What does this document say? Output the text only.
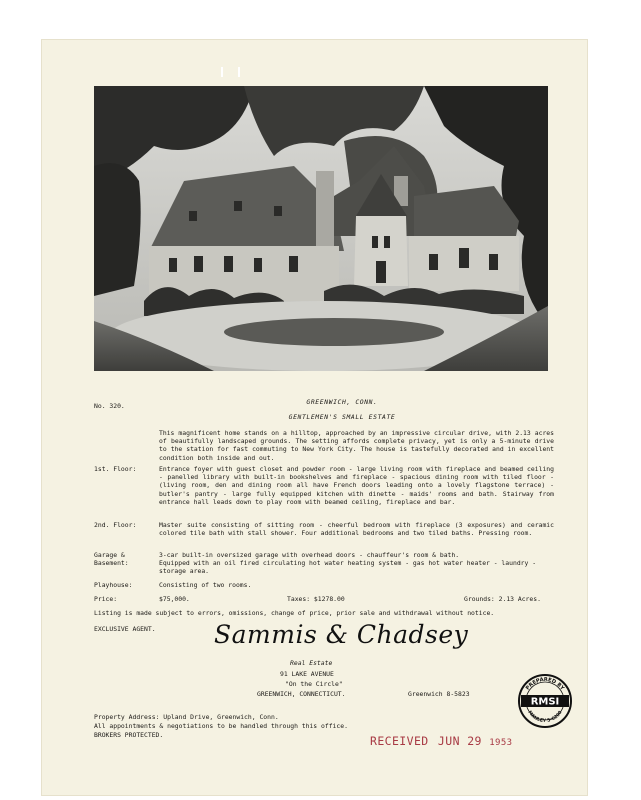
No. 320.	GREENWICH, CONN.
GENTLEMEN'S SMALL ESTATE
This magnificent home stands on a hilltop, approached by an impressive circular drive, with 2.13 acres of beautifully landscaped grounds. The setting affords complete privacy, yet is only a 5-minute drive to the station for fast commuting to New York City. The house is tastefully decorated and in excellent condition both inside and out.
1st. Floor:	Entrance foyer with guest closet and powder room - large living room with fireplace and beamed ceiling - panelled library with built-in bookshelves and fireplace - spacious dining room with tiled floor - (living room, den and dining room all have French doors leading onto a lovely flagstone terrace) - butler's pantry - large fully equipped kitchen with dinette - maids' rooms and bath. Stairway from entrance hall leads down to play room with beamed ceiling, fireplace and bar.
2nd. Floor:	Master suite consisting of sitting room - cheerful bedroom with fireplace (3 exposures) and ceramic colored tile bath with stall shower. Four additional bedrooms and two tiled baths. Pressing room.
Garage &
Basement:
3-car built-in oversized garage with overhead doors - chauffeur's room & bath.
Equipped with an oil fired circulating hot water heating system - gas hot water heater - laundry - storage area.
Playhouse:	Consisting of two rooms.
Price:	$75,000.	Taxes: $1278.00	Grounds: 2.13 Acres.
Listing is made subject to errors, omissions, change of price, prior sale and withdrawal without notice.
EXCLUSIVE AGENT. Sammis & Chadsey
Real Estate
91 LAKE AVENUE
"On the Circle"
GREENWICH, CONNECTICUT.	Greenwich 8-5823
Property Address: Upland Drive, Greenwich, Conn.
All appointments & negotiations to be handled through this office.
BROKERS PROTECTED.
PREPARED BY
MANLEY 5-6200
RMSI
RECEIVED JUN 29 1953
